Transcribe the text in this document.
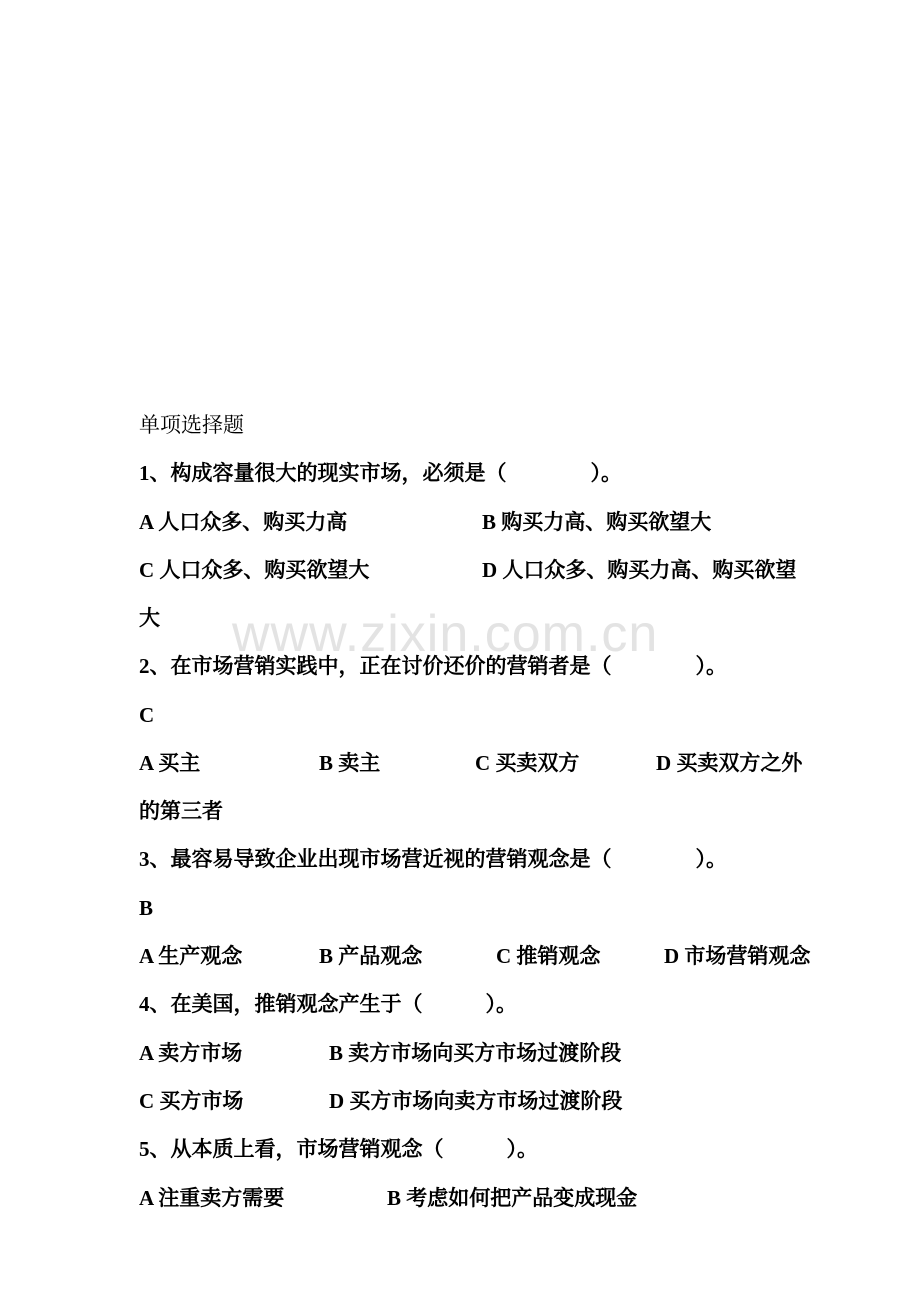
www.zixin.com.cn
单项选择题
1、构成容量很大的现实市场，必须是（　　　　）。
A 人口众多、购买力高	B 购买力高、购买欲望大
C 人口众多、购买欲望大	D 人口众多、购买力高、购买欲望
大
2、在市场营销实践中，正在讨价还价的营销者是（　　　　）。
C
A 买主	B 卖主	C 买卖双方	D 买卖双方之外
的第三者
3、最容易导致企业出现市场营近视的营销观念是（　　　　）。
B
A 生产观念	B 产品观念	C 推销观念	D 市场营销观念
4、在美国，推销观念产生于（　　　）。
A 卖方市场	B 卖方市场向买方市场过渡阶段
C 买方市场	D 买方市场向卖方市场过渡阶段
5、从本质上看，市场营销观念（　　　）。
A 注重卖方需要	B 考虑如何把产品变成现金
